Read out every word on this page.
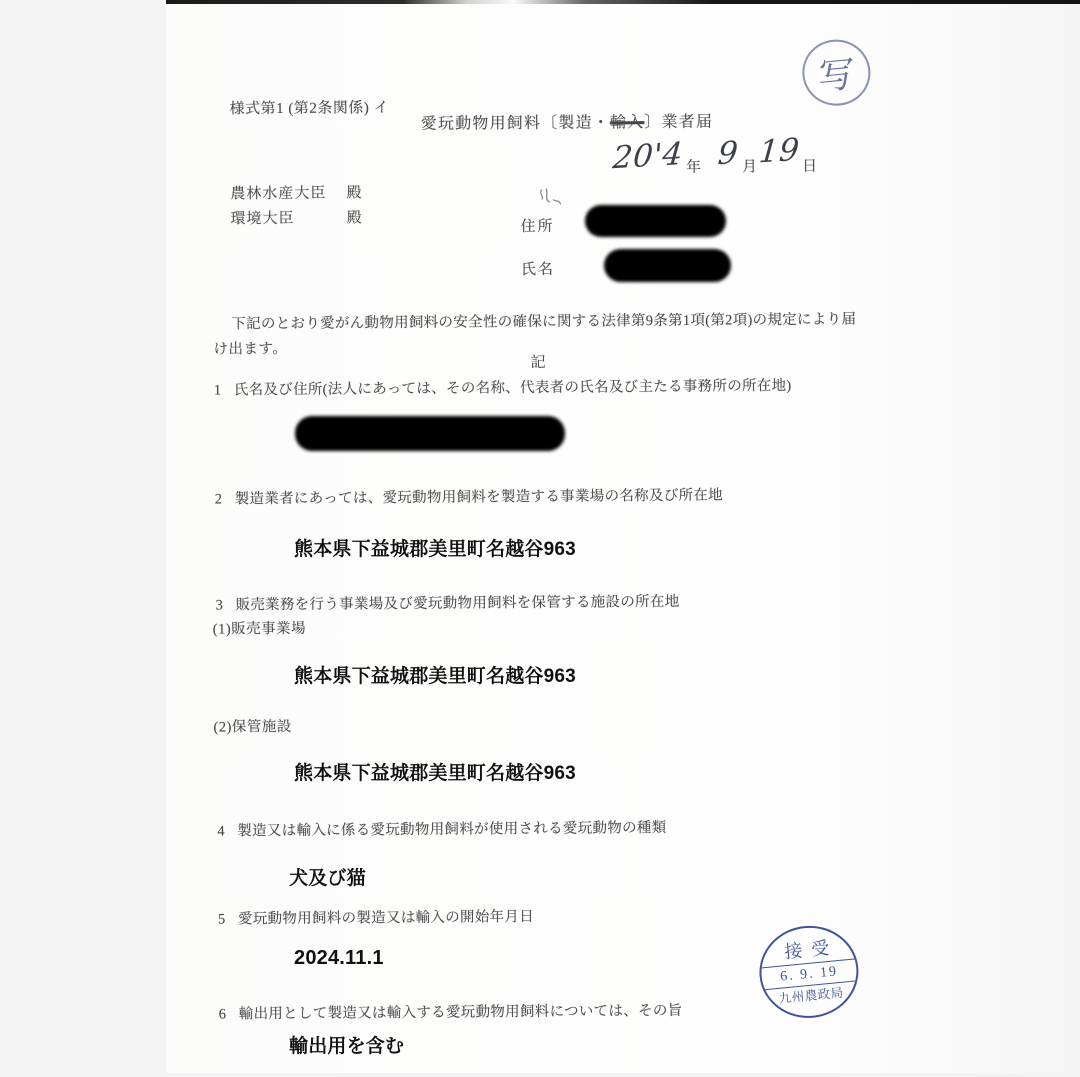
様式第1 (第2条関係) イ
愛玩動物用飼料〔製造・輸入〕業者届
20'4 年 9 月 19 日
農林水産大臣 殿
環境大臣	殿
住所
氏名
下記のとおり愛がん動物用飼料の安全性の確保に関する法律第9条第1項(第2項)の規定により届
け出ます。
記
1 氏名及び住所(法人にあっては、その名称、代表者の氏名及び主たる事務所の所在地)
2 製造業者にあっては、愛玩動物用飼料を製造する事業場の名称及び所在地
3 販売業務を行う事業場及び愛玩動物用飼料を保管する施設の所在地
(1)販売事業場
(2)保管施設
4 製造又は輸入に係る愛玩動物用飼料が使用される愛玩動物の種類
5 愛玩動物用飼料の製造又は輸入の開始年月日
6 輸出用として製造又は輸入する愛玩動物用飼料については、その旨
写
接受
6. 9. 19
九州農政局
熊本県下益城郡美里町名越谷963
熊本県下益城郡美里町名越谷963
熊本県下益城郡美里町名越谷963
犬及び猫
2024.11.1
輸出用を含む
